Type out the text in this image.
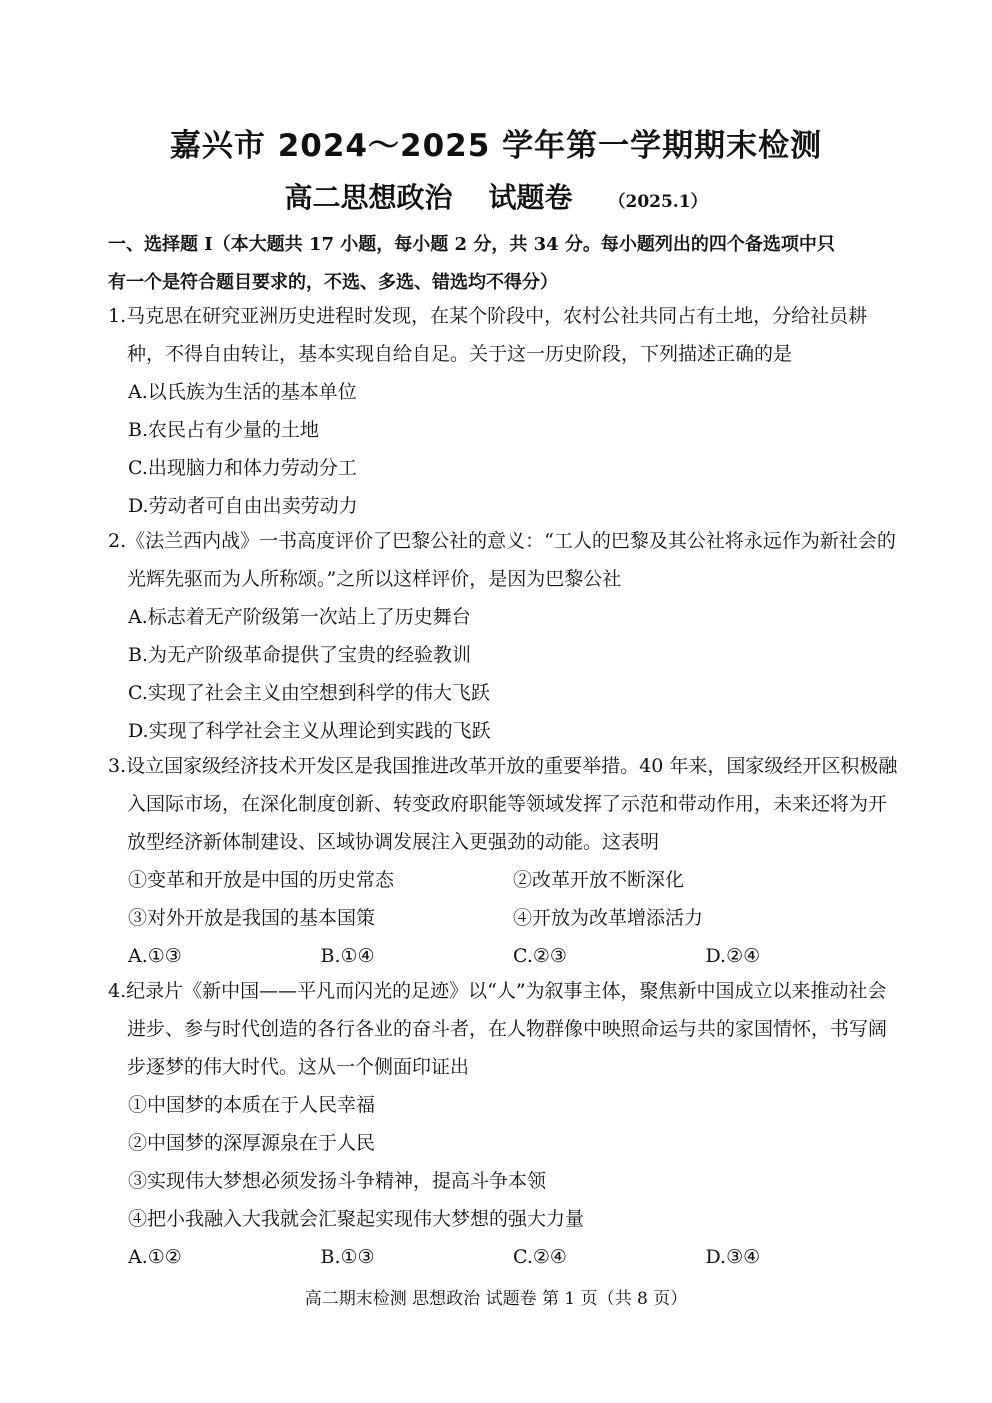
嘉兴市 2024～2025 学年第一学期期末检测
高二思想政治 试题卷 （2025.1）
一、选择题 I（本大题共 17 小题，每小题 2 分，共 34 分。每小题列出的四个备选项中只
有一个是符合题目要求的，不选、多选、错选均不得分）
1.马克思在研究亚洲历史进程时发现，在某个阶段中，农村公社共同占有土地，分给社员耕种，不得自由转让，基本实现自给自足。关于这一历史阶段，下列描述正确的是
A.以氏族为生活的基本单位
B.农民占有少量的土地
C.出现脑力和体力劳动分工
D.劳动者可自由出卖劳动力
2.《法兰西内战》一书高度评价了巴黎公社的意义：“工人的巴黎及其公社将永远作为新社会的光辉先驱而为人所称颂。”之所以这样评价，是因为巴黎公社
A.标志着无产阶级第一次站上了历史舞台
B.为无产阶级革命提供了宝贵的经验教训
C.实现了社会主义由空想到科学的伟大飞跃
D.实现了科学社会主义从理论到实践的飞跃
3.设立国家级经济技术开发区是我国推进改革开放的重要举措。40 年来，国家级经开区积极融入国际市场，在深化制度创新、转变政府职能等领域发挥了示范和带动作用，未来还将为开放型经济新体制建设、区域协调发展注入更强劲的动能。这表明
①变革和开放是中国的历史常态	②改革开放不断深化
③对外开放是我国的基本国策	④开放为改革增添活力
A.①③	B.①④	C.②③	D.②④
4.纪录片《新中国——平凡而闪光的足迹》以“人”为叙事主体，聚焦新中国成立以来推动社会进步、参与时代创造的各行各业的奋斗者，在人物群像中映照命运与共的家国情怀，书写阔步逐梦的伟大时代。这从一个侧面印证出
①中国梦的本质在于人民幸福
②中国梦的深厚源泉在于人民
③实现伟大梦想必须发扬斗争精神，提高斗争本领
④把小我融入大我就会汇聚起实现伟大梦想的强大力量
A.①②	B.①③	C.②④	D.③④
高二期末检测 思想政治 试题卷 第 1 页（共 8 页）
